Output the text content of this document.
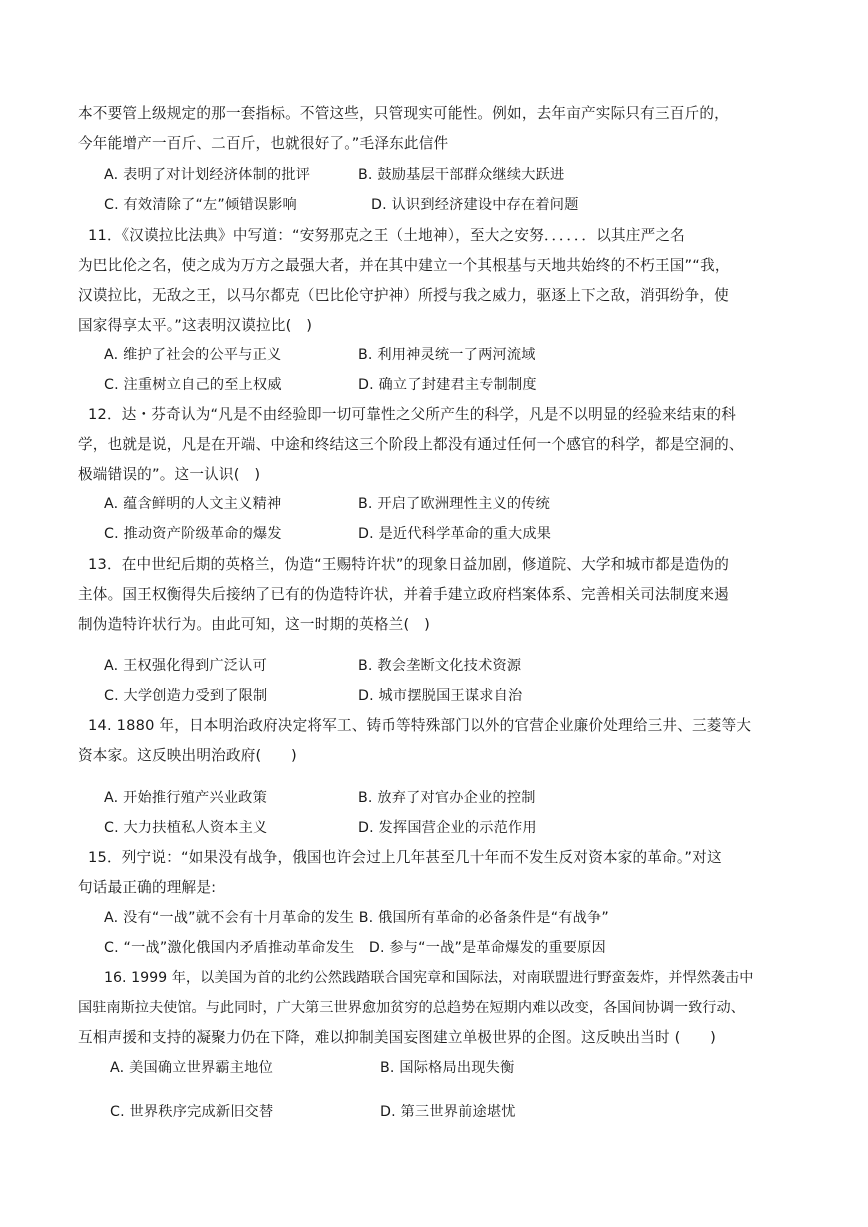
本不要管上级规定的那一套指标。不管这些，只管现实可能性。例如，去年亩产实际只有三百斤的，
今年能增产一百斤、二百斤，也就很好了。”毛泽东此信件
A. 表明了对计划经济体制的批评	B. 鼓励基层干部群众继续大跃进
C. 有效清除了“左”倾错误影响	D. 认识到经济建设中存在着问题
11．《汉谟拉比法典》中写道：“安努那克之王（土地神），至大之安努．．．．．．以其庄严之名
为巴比伦之名，使之成为万方之最强大者，并在其中建立一个其根基与天地共始终的不朽王国”“我，
汉谟拉比，无敌之王，以马尔都克（巴比伦守护神）所授与我之威力，驱逐上下之敌，消弭纷争，使
国家得享太平。”这表明汉谟拉比(　)
A. 维护了社会的公平与正义	B. 利用神灵统一了两河流域
C. 注重树立自己的至上权威	D. 确立了封建君主专制制度
12．达・芬奇认为“凡是不由经验即一切可靠性之父所产生的科学，凡是不以明显的经验来结束的科
学，也就是说，凡是在开端、中途和终结这三个阶段上都没有通过任何一个感官的科学，都是空洞的、
极端错误的”。这一认识(　)
A. 蕴含鲜明的人文主义精神	B. 开启了欧洲理性主义的传统
C. 推动资产阶级革命的爆发	D. 是近代科学革命的重大成果
13．在中世纪后期的英格兰，伪造“王赐特许状”的现象日益加剧，修道院、大学和城市都是造伪的
主体。国王权衡得失后接纳了已有的伪造特许状，并着手建立政府档案体系、完善相关司法制度来遏
制伪造特许状行为。由此可知，这一时期的英格兰(　)
A. 王权强化得到广泛认可	B. 教会垄断文化技术资源
C. 大学创造力受到了限制	D. 城市摆脱国王谋求自治
14. 1880 年，日本明治政府决定将军工、铸币等特殊部门以外的官营企业廉价处理给三井、三菱等大
资本家。这反映出明治政府(　　)
A. 开始推行殖产兴业政策	B. 放弃了对官办企业的控制
C. 大力扶植私人资本主义	D. 发挥国营企业的示范作用
15．列宁说：“如果没有战争，俄国也许会过上几年甚至几十年而不发生反对资本家的革命。”对这
句话最正确的理解是:
A. 没有“一战”就不会有十月革命的发生 B. 俄国所有革命的必备条件是“有战争”
C. “一战”激化俄国内矛盾推动革命发生　D. 参与“一战”是革命爆发的重要原因
16. 1999 年，以美国为首的北约公然践踏联合国宪章和国际法，对南联盟进行野蛮轰炸，并悍然袭击中
国驻南斯拉夫使馆。与此同时，广大第三世界愈加贫穷的总趋势在短期内难以改变，各国间协调一致行动、
互相声援和支持的凝聚力仍在下降，难以抑制美国妄图建立单极世界的企图。这反映出当时 (　　)
A. 美国确立世界霸主地位	B. 国际格局出现失衡
C. 世界秩序完成新旧交替	D. 第三世界前途堪忧
